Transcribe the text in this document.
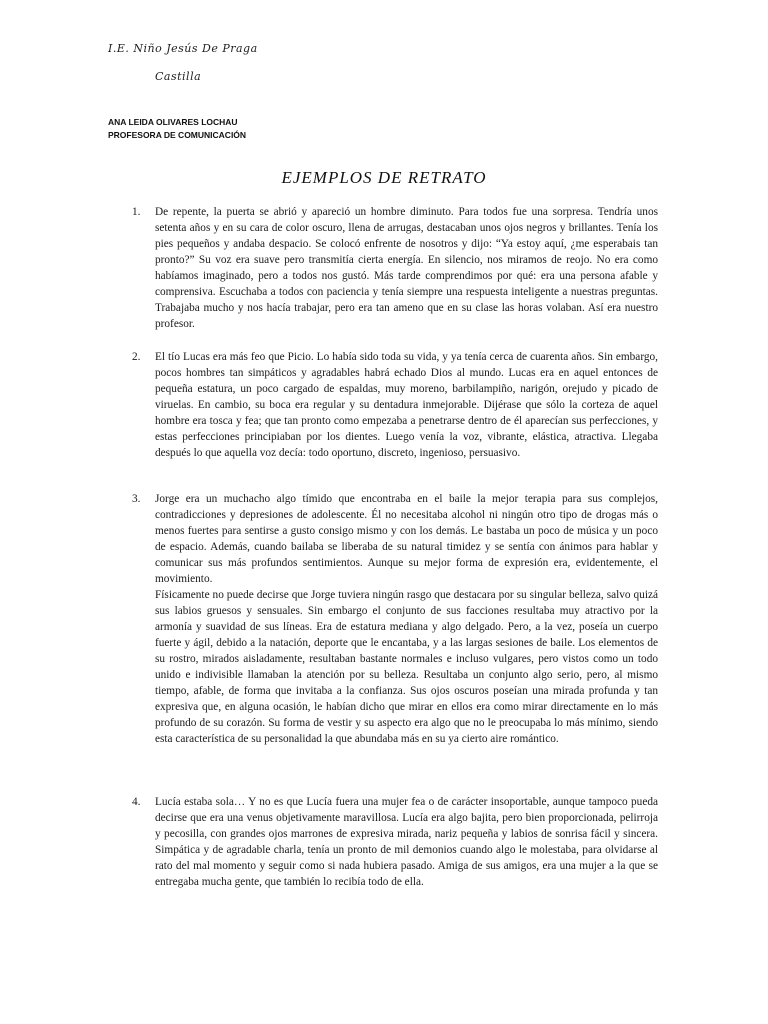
I.E. Niño Jesús De Praga
Castilla
ANA LEIDA OLIVARES LOCHAU
PROFESORA DE COMUNICACIÓN
EJEMPLOS DE RETRATO
1. De repente, la puerta se abrió y apareció un hombre diminuto. Para todos fue una sorpresa. Tendría unos setenta años y en su cara de color oscuro, llena de arrugas, destacaban unos ojos negros y brillantes. Tenía los pies pequeños y andaba despacio. Se colocó enfrente de nosotros y dijo: “Ya estoy aquí, ¿me esperabais tan pronto?” Su voz era suave pero transmitía cierta energía. En silencio, nos miramos de reojo. No era como habíamos imaginado, pero a todos nos gustó. Más tarde comprendimos por qué: era una persona afable y comprensiva. Escuchaba a todos con paciencia y tenía siempre una respuesta inteligente a nuestras preguntas. Trabajaba mucho y nos hacía trabajar, pero era tan ameno que en su clase las horas volaban. Así era nuestro profesor.

2. El tío Lucas era más feo que Picio. Lo había sido toda su vida, y ya tenía cerca de cuarenta años. Sin embargo, pocos hombres tan simpáticos y agradables habrá echado Dios al mundo. Lucas era en aquel entonces de pequeña estatura, un poco cargado de espaldas, muy moreno, barbilampiño, narigón, orejudo y picado de viruelas. En cambio, su boca era regular y su dentadura inmejorable. Dijérase que sólo la corteza de aquel hombre era tosca y fea; que tan pronto como empezaba a penetrarse dentro de él aparecían sus perfecciones, y estas perfecciones principiaban por los dientes. Luego venía la voz, vibrante, elástica, atractiva. Llegaba después lo que aquella voz decía: todo oportuno, discreto, ingenioso, persuasivo.

3. Jorge era un muchacho algo tímido que encontraba en el baile la mejor terapia para sus complejos, contradicciones y depresiones de adolescente. Él no necesitaba alcohol ni ningún otro tipo de drogas más o menos fuertes para sentirse a gusto consigo mismo y con los demás. Le bastaba un poco de música y un poco de espacio. Además, cuando bailaba se liberaba de su natural timidez y se sentía con ánimos para hablar y comunicar sus más profundos sentimientos. Aunque su mejor forma de expresión era, evidentemente, el movimiento.

Físicamente no puede decirse que Jorge tuviera ningún rasgo que destacara por su singular belleza, salvo quizá sus labios gruesos y sensuales. Sin embargo el conjunto de sus facciones resultaba muy atractivo por la armonía y suavidad de sus líneas. Era de estatura mediana y algo delgado. Pero, a la vez, poseía un cuerpo fuerte y ágil, debido a la natación, deporte que le encantaba, y a las largas sesiones de baile. Los elementos de su rostro, mirados aisladamente, resultaban bastante normales e incluso vulgares, pero vistos como un todo unido e indivisible llamaban la atención por su belleza. Resultaba un conjunto algo serio, pero, al mismo tiempo, afable, de forma que invitaba a la confianza. Sus ojos oscuros poseían una mirada profunda y tan expresiva que, en alguna ocasión, le habían dicho que mirar en ellos era como mirar directamente en lo más profundo de su corazón. Su forma de vestir y su aspecto era algo que no le preocupaba lo más mínimo, siendo esta característica de su personalidad la que abundaba más en su ya cierto aire romántico.

4. Lucía estaba sola… Y no es que Lucía fuera una mujer fea o de carácter insoportable, aunque tampoco pueda decirse que era una venus objetivamente maravillosa. Lucía era algo bajita, pero bien proporcionada, pelirroja y pecosilla, con grandes ojos marrones de expresiva mirada, nariz pequeña y labios de sonrisa fácil y sincera. Simpática y de agradable charla, tenía un pronto de mil demonios cuando algo le molestaba, para olvidarse al rato del mal momento y seguir como si nada hubiera pasado. Amiga de sus amigos, era una mujer a la que se entregaba mucha gente, que también lo recibía todo de ella.
